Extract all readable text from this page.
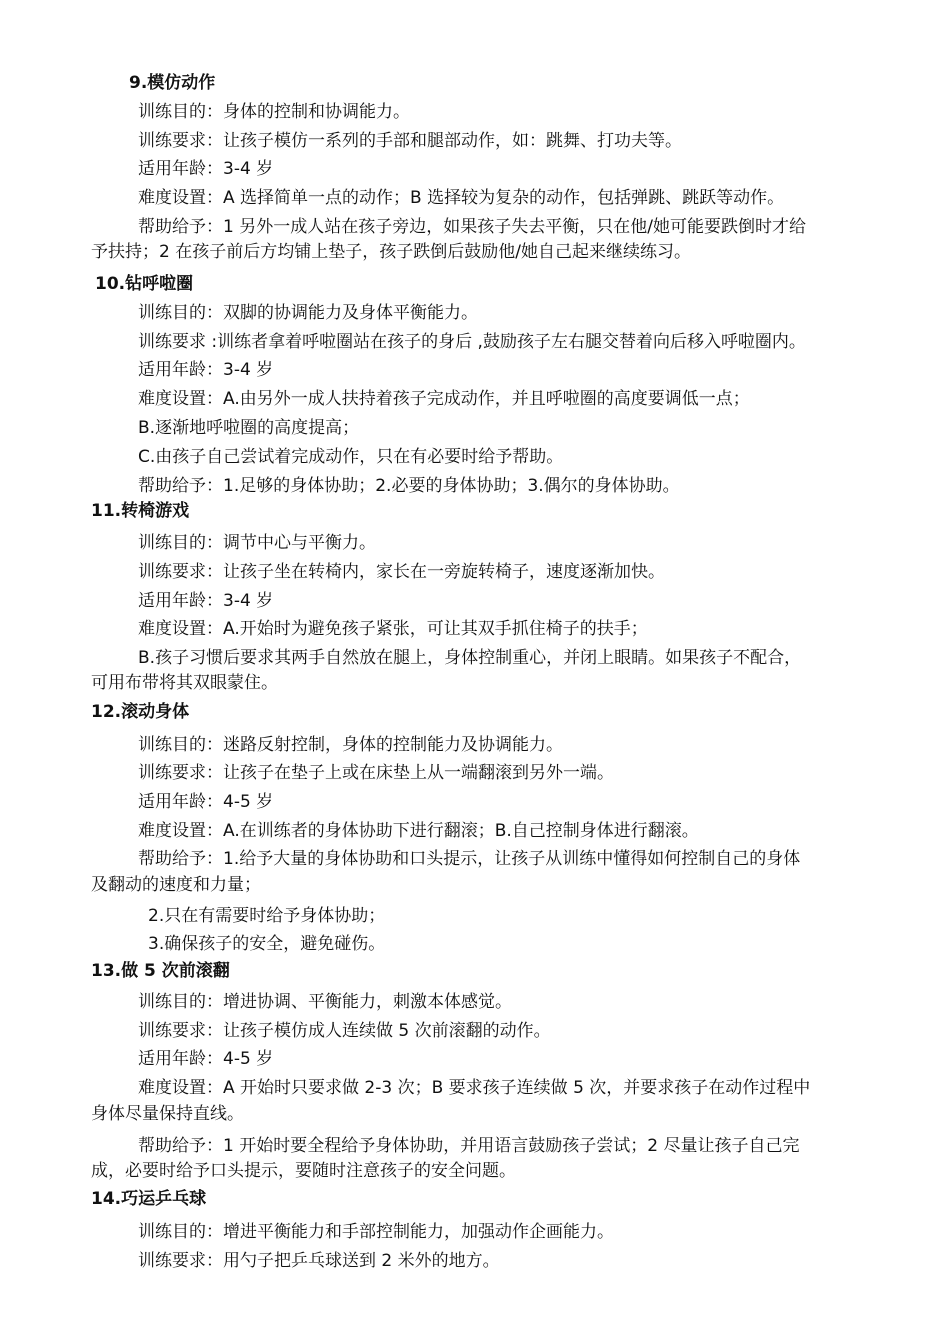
9.模仿动作

训练目的：身体的控制和协调能力。

训练要求：让孩子模仿一系列的手部和腿部动作，如：跳舞、打功夫等。

适用年龄：3-4 岁

难度设置：A 选择简单一点的动作；B 选择较为复杂的动作，包括弹跳、跳跃等动作。

帮助给予：1 另外一成人站在孩子旁边，如果孩子失去平衡，只在他/她可能要跌倒时才给

予扶持；2 在孩子前后方均铺上垫子，孩子跌倒后鼓励他/她自己起来继续练习。

10.钻呼啦圈

训练目的：双脚的协调能力及身体平衡能力。

训练要求 :训练者拿着呼啦圈站在孩子的身后 ,鼓励孩子左右腿交替着向后移入呼啦圈内。

适用年龄：3-4 岁

难度设置：A.由另外一成人扶持着孩子完成动作，并且呼啦圈的高度要调低一点；

B.逐渐地呼啦圈的高度提高；

C.由孩子自己尝试着完成动作，只在有必要时给予帮助。

帮助给予：1.足够的身体协助；2.必要的身体协助；3.偶尔的身体协助。

11.转椅游戏

训练目的：调节中心与平衡力。

训练要求：让孩子坐在转椅内，家长在一旁旋转椅子，速度逐渐加快。

适用年龄：3-4 岁

难度设置：A.开始时为避免孩子紧张，可让其双手抓住椅子的扶手；

B.孩子习惯后要求其两手自然放在腿上，身体控制重心，并闭上眼睛。如果孩子不配合，

可用布带将其双眼蒙住。

12.滚动身体

训练目的：迷路反射控制，身体的控制能力及协调能力。

训练要求：让孩子在垫子上或在床垫上从一端翻滚到另外一端。

适用年龄：4-5 岁

难度设置：A.在训练者的身体协助下进行翻滚；B.自己控制身体进行翻滚。

帮助给予：1.给予大量的身体协助和口头提示，让孩子从训练中懂得如何控制自己的身体

及翻动的速度和力量；

2.只在有需要时给予身体协助；

3.确保孩子的安全，避免碰伤。

13.做 5 次前滚翻

训练目的：增进协调、平衡能力，刺激本体感觉。

训练要求：让孩子模仿成人连续做 5 次前滚翻的动作。

适用年龄：4-5 岁

难度设置：A 开始时只要求做 2-3 次；B 要求孩子连续做 5 次，并要求孩子在动作过程中

身体尽量保持直线。

帮助给予：1 开始时要全程给予身体协助，并用语言鼓励孩子尝试；2 尽量让孩子自己完

成，必要时给予口头提示，要随时注意孩子的安全问题。

14.巧运乒乓球

训练目的：增进平衡能力和手部控制能力，加强动作企画能力。

训练要求：用勺子把乒乓球送到 2 米外的地方。
